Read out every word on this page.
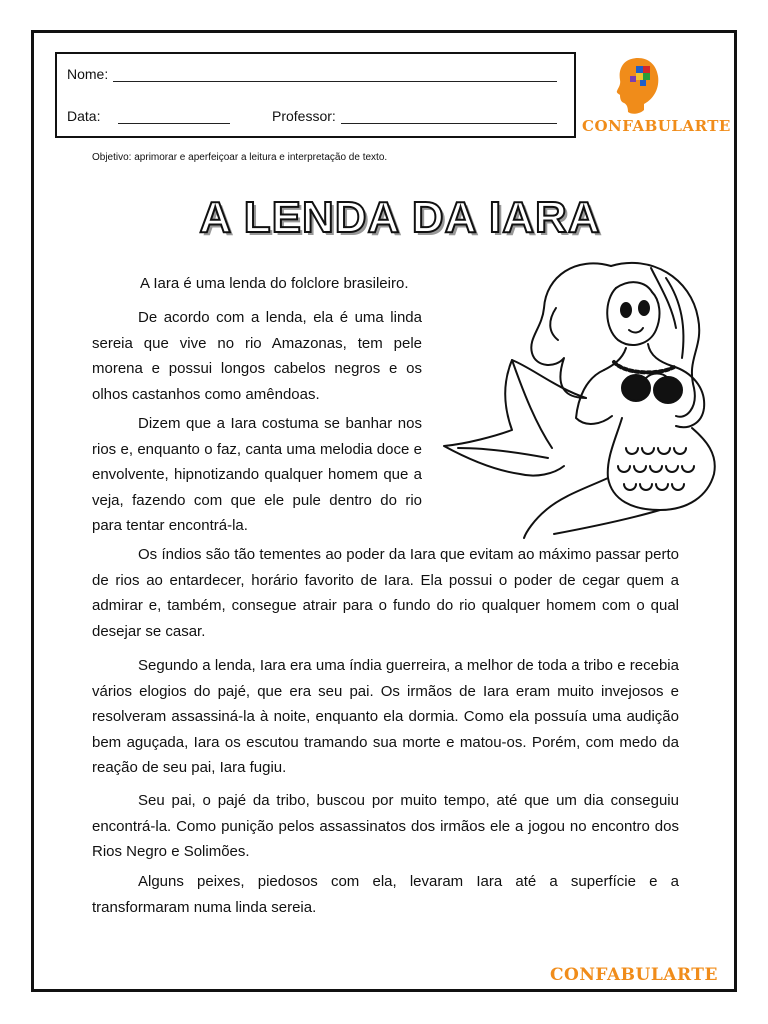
Nome:
Data:	Professor:
CONFABULARTE
Objetivo: aprimorar e aperfeiçoar a leitura e interpretação de texto.
A LENDA DA IARA
A Iara é uma lenda do folclore brasileiro.
De acordo com a lenda, ela é uma linda sereia que vive no rio Amazonas, tem pele morena e possui longos cabelos negros e os olhos castanhos como amêndoas.
Dizem que a Iara costuma se banhar nos rios e, enquanto o faz, canta uma melodia doce e envolvente, hipnotizando qualquer homem que a veja, fazendo com que ele pule dentro do rio para tentar encontrá-la.
Os índios são tão tementes ao poder da Iara que evitam ao máximo passar perto de rios ao entardecer, horário favorito de Iara. Ela possui o poder de cegar quem a admirar e, também, consegue atrair para o fundo do rio qualquer homem com o qual desejar se casar.
Segundo a lenda, Iara era uma índia guerreira, a melhor de toda a tribo e recebia vários elogios do pajé, que era seu pai. Os irmãos de Iara eram muito invejosos e resolveram assassiná-la à noite, enquanto ela dormia. Como ela possuía uma audição bem aguçada, Iara os escutou tramando sua morte e matou-os. Porém, com medo da reação de seu pai, Iara fugiu.
Seu pai, o pajé da tribo, buscou por muito tempo, até que um dia conseguiu encontrá-la. Como punição pelos assassinatos dos irmãos ele a jogou no encontro dos Rios Negro e Solimões.
Alguns peixes, piedosos com ela, levaram Iara até a superfície e a transformaram numa linda sereia.
CONFABULARTE
